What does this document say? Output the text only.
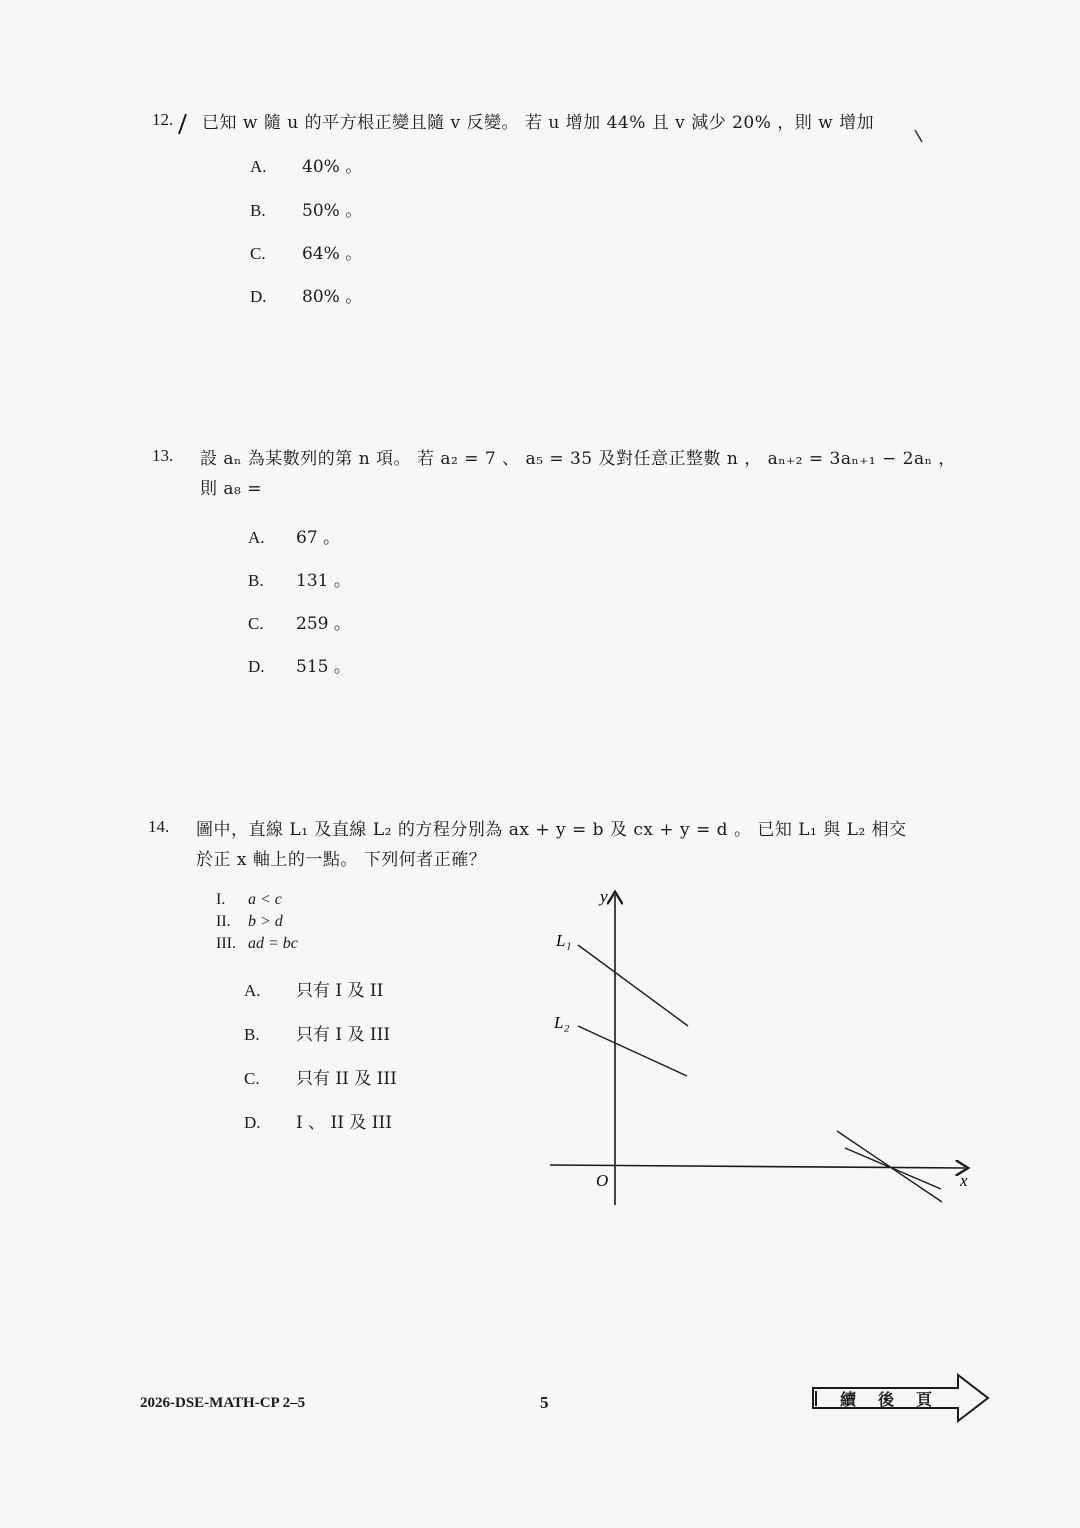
12. 已知 w 隨 u 的平方根正變且隨 v 反變。 若 u 增加 44% 且 v 減少 20% ，則 w 增加
A. 40% 。
B. 50% 。
C. 64% 。
D. 80% 。
13. 設 aₙ 為某數列的第 n 項。 若 a₂ = 7 、 a₅ = 35 及對任意正整數 n ， aₙ₊₂ = 3aₙ₊₁ − 2aₙ ，
則 a₈ =
A. 67 。
B. 131 。
C. 259 。
D. 515 。
14. 圖中，直線 L₁ 及直線 L₂ 的方程分別為 ax + y = b 及 cx + y = d 。 已知 L₁ 與 L₂ 相交
於正 x 軸上的一點。 下列何者正確？
I. a < c
II. b > d
III. ad = bc
A. 只有 I 及 II
B. 只有 I 及 III
C. 只有 II 及 III
D. I 、 II 及 III
y
x
O
L₁
L₂
2026-DSE-MATH-CP 2–5	5	續後頁
